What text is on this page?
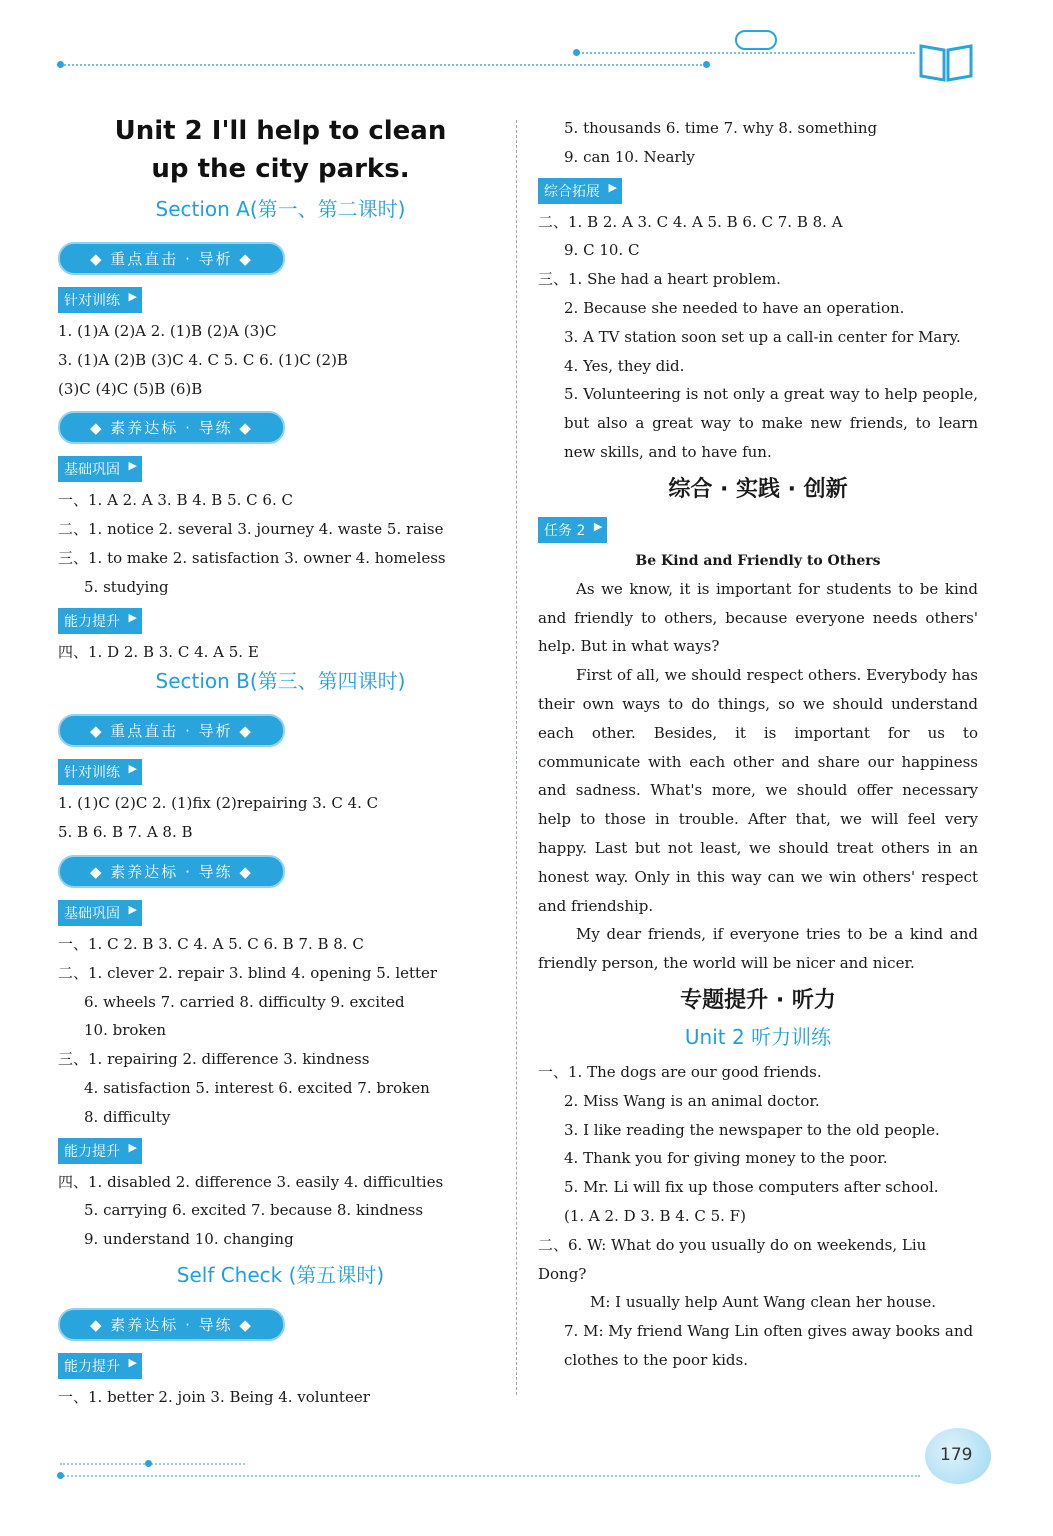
Unit 2 I'll help to clean
up the city parks.
Section A(第一、第二课时)
◆ 重点直击 · 导析 ◆
针对训练 ▶
1. (1)A (2)A 2. (1)B (2)A (3)C
3. (1)A (2)B (3)C 4. C 5. C 6. (1)C (2)B
(3)C (4)C (5)B (6)B
◆ 素养达标 · 导练 ◆
基础巩固 ▶
一、1. A 2. A 3. B 4. B 5. C 6. C
二、1. notice 2. several 3. journey 4. waste 5. raise
三、1. to make 2. satisfaction 3. owner 4. homeless
5. studying
能力提升 ▶
四、1. D 2. B 3. C 4. A 5. E
Section B(第三、第四课时)
◆ 重点直击 · 导析 ◆
针对训练 ▶
1. (1)C (2)C 2. (1)fix (2)repairing 3. C 4. C
5. B 6. B 7. A 8. B
◆ 素养达标 · 导练 ◆
基础巩固 ▶
一、1. C 2. B 3. C 4. A 5. C 6. B 7. B 8. C
二、1. clever 2. repair 3. blind 4. opening 5. letter
6. wheels 7. carried 8. difficulty 9. excited
10. broken
三、1. repairing 2. difference 3. kindness
4. satisfaction 5. interest 6. excited 7. broken
8. difficulty
能力提升 ▶
四、1. disabled 2. difference 3. easily 4. difficulties
5. carrying 6. excited 7. because 8. kindness
9. understand 10. changing
Self Check (第五课时)
◆ 素养达标 · 导练 ◆
能力提升 ▶
一、1. better 2. join 3. Being 4. volunteer
5. thousands 6. time 7. why 8. something
9. can 10. Nearly
综合拓展 ▶
二、1. B 2. A 3. C 4. A 5. B 6. C 7. B 8. A
9. C 10. C
三、1. She had a heart problem.
2. Because she needed to have an operation.
3. A TV station soon set up a call-in center for Mary.
4. Yes, they did.
5. Volunteering is not only a great way to help people, but also a great way to make new friends, to learn new skills, and to have fun.
综合 · 实践 · 创新
任务 2 ▶
Be Kind and Friendly to Others
As we know, it is important for students to be kind and friendly to others, because everyone needs others' help. But in what ways?
First of all, we should respect others. Everybody has their own ways to do things, so we should understand each other. Besides, it is important for us to communicate with each other and share our happiness and sadness. What's more, we should offer necessary help to those in trouble. After that, we will feel very happy. Last but not least, we should treat others in an honest way. Only in this way can we win others' respect and friendship.
My dear friends, if everyone tries to be a kind and friendly person, the world will be nicer and nicer.
专题提升 · 听力
Unit 2 听力训练
一、1. The dogs are our good friends.
2. Miss Wang is an animal doctor.
3. I like reading the newspaper to the old people.
4. Thank you for giving money to the poor.
5. Mr. Li will fix up those computers after school.
(1. A 2. D 3. B 4. C 5. F)
二、6. W: What do you usually do on weekends, Liu Dong?
M: I usually help Aunt Wang clean her house.
7. M: My friend Wang Lin often gives away books and clothes to the poor kids.
179
